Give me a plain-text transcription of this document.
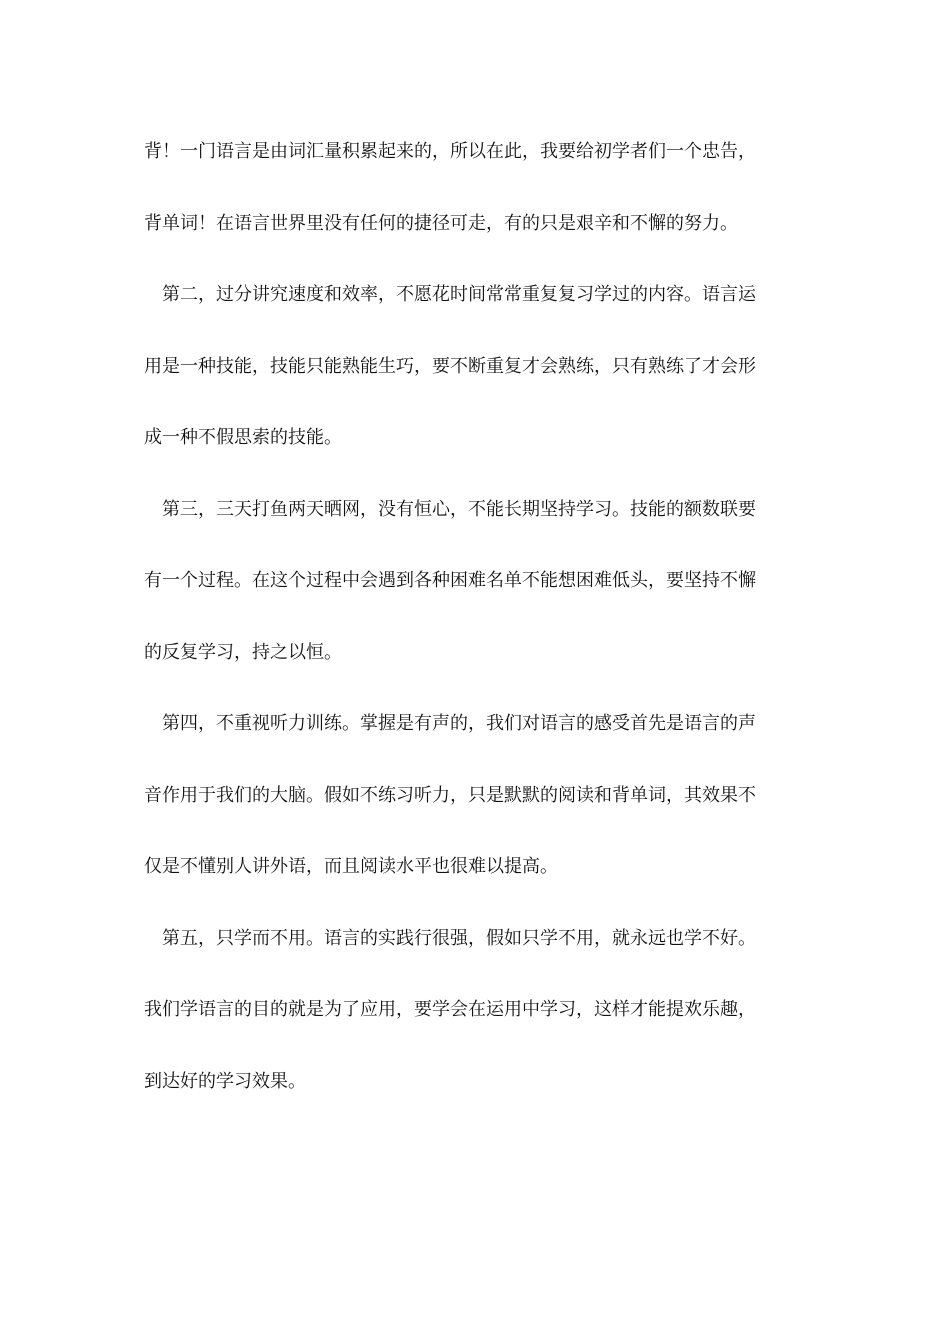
背！一门语言是由词汇量积累起来的，所以在此，我要给初学者们一个忠告，
背单词！在语言世界里没有任何的捷径可走，有的只是艰辛和不懈的努力。
　第二，过分讲究速度和效率，不愿花时间常常重复复习学过的内容。语言运
用是一种技能，技能只能熟能生巧，要不断重复才会熟练，只有熟练了才会形
成一种不假思索的技能。
　第三，三天打鱼两天晒网，没有恒心，不能长期坚持学习。技能的额数联要
有一个过程。在这个过程中会遇到各种困难名单不能想困难低头，要坚持不懈
的反复学习，持之以恒。
　第四，不重视听力训练。掌握是有声的，我们对语言的感受首先是语言的声
音作用于我们的大脑。假如不练习听力，只是默默的阅读和背单词，其效果不
仅是不懂别人讲外语，而且阅读水平也很难以提高。
　第五，只学而不用。语言的实践行很强，假如只学不用，就永远也学不好。
我们学语言的目的就是为了应用，要学会在运用中学习，这样才能提欢乐趣，
到达好的学习效果。
